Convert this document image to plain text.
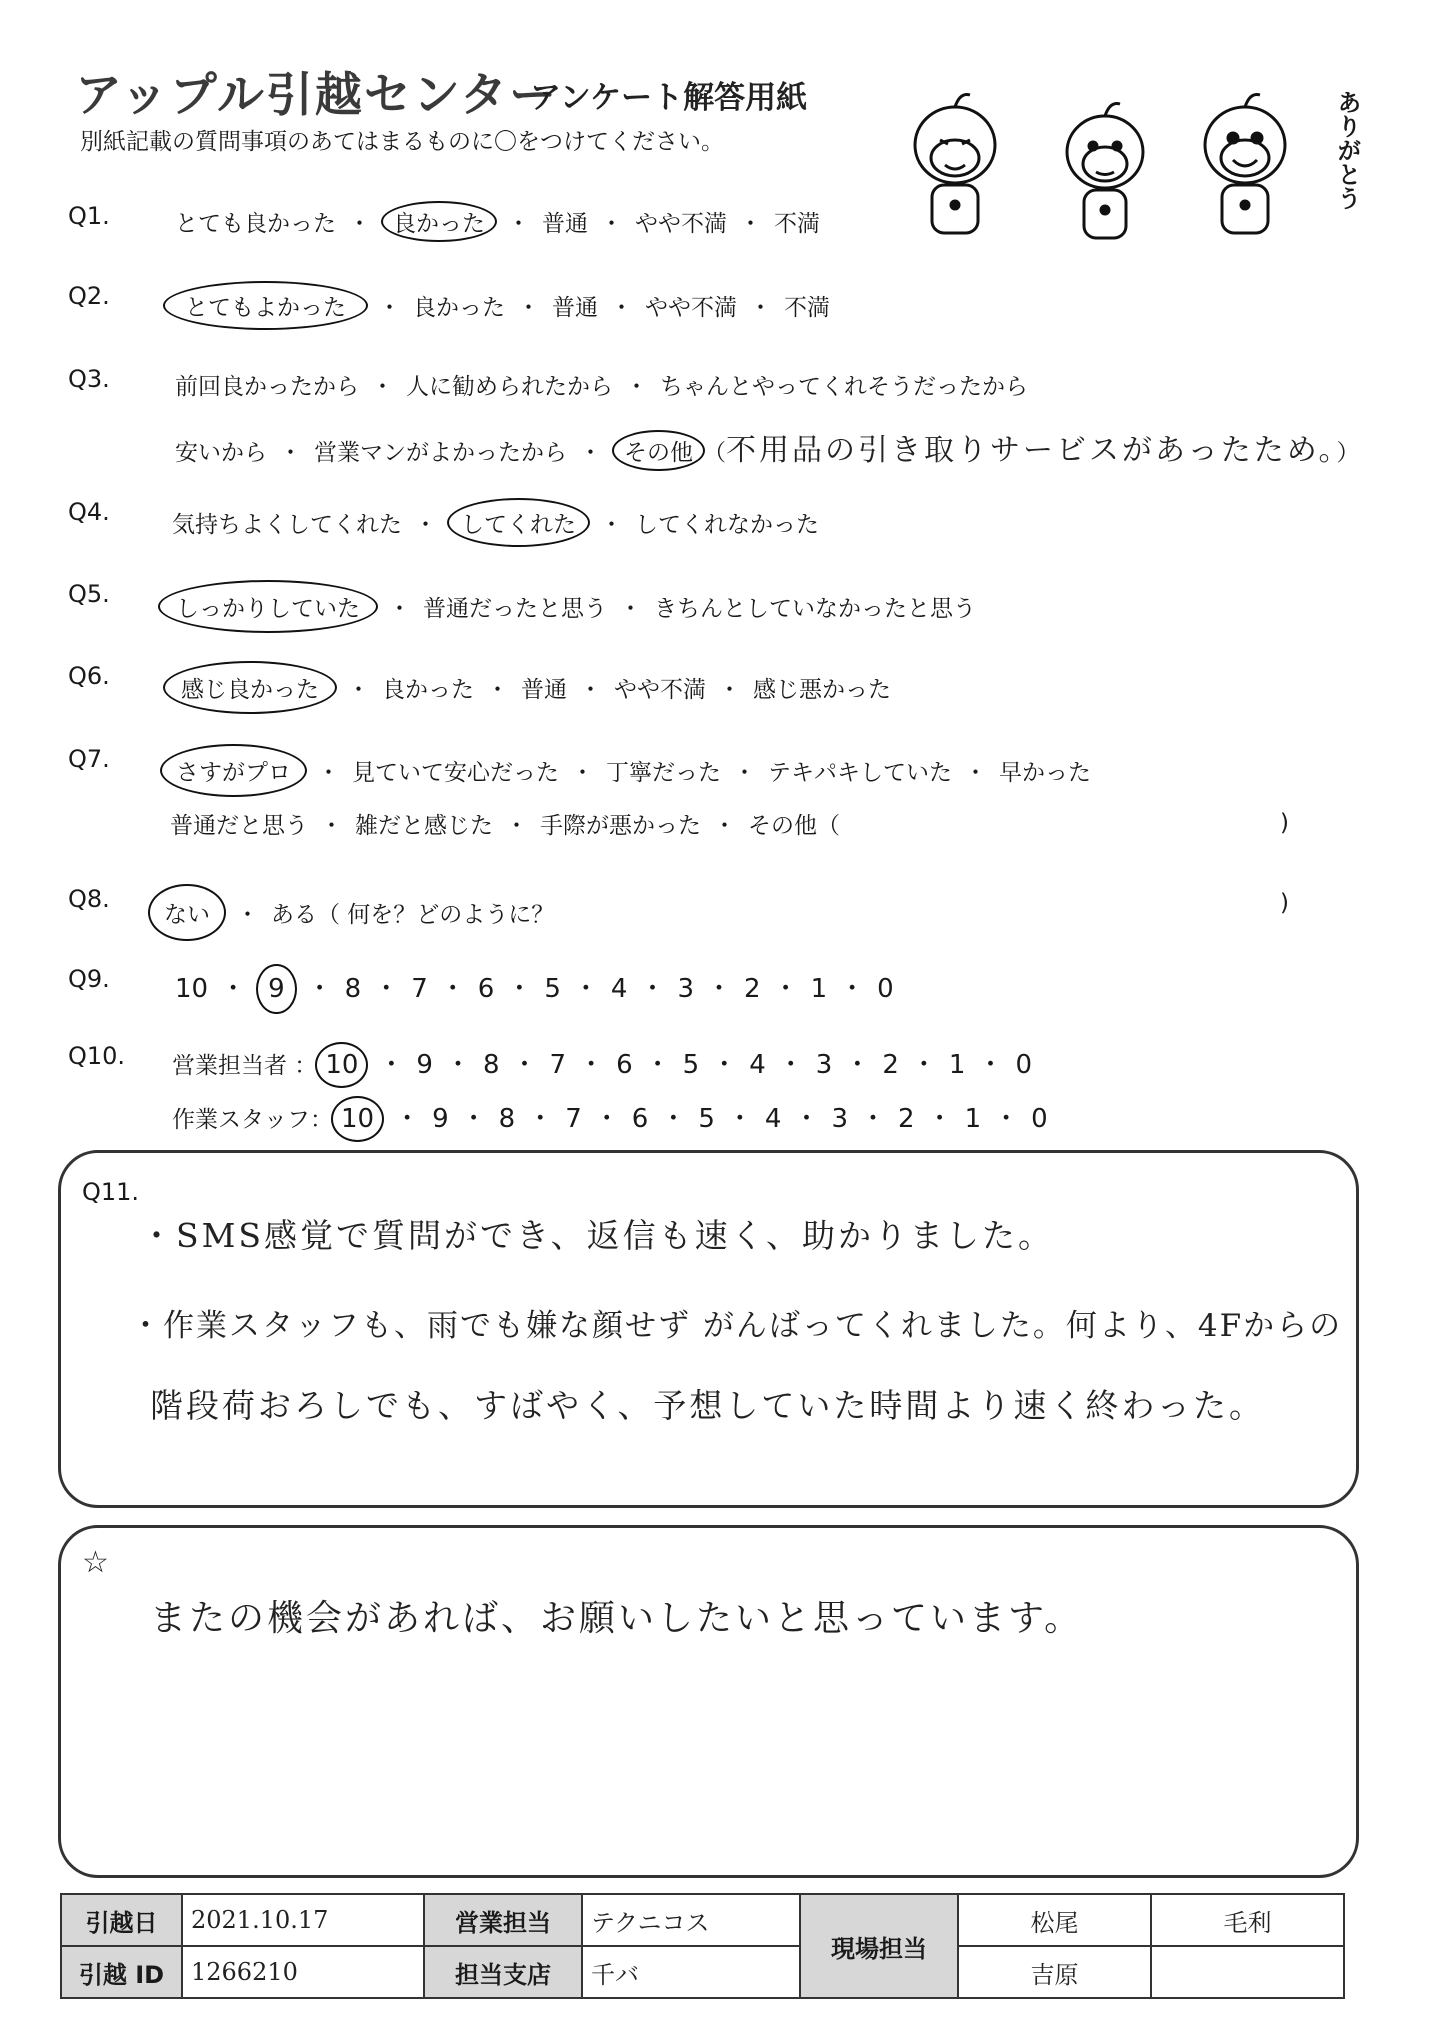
アップル引越センター
アンケート解答用紙
別紙記載の質問事項のあてはまるものに〇をつけてください。	ありがとう
Q1.	とても良かった ・ 良かった ・ 普通 ・ やや不満 ・ 不満
Q2.	とてもよかった ・ 良かった ・ 普通 ・ やや不満 ・ 不満
Q3.	前回良かったから ・ 人に勧められたから ・ ちゃんとやってくれそうだったから
安いから ・ 営業マンがよかったから ・ その他 （不用品の引き取りサービスがあったため。）
Q4.	気持ちよくしてくれた ・ してくれた ・ してくれなかった
Q5.
しっかりしていた ・ 普通だったと思う ・ きちんとしていなかったと思う
Q6.	感じ良かった ・ 良かった ・ 普通 ・ やや不満 ・ 感じ悪かった
Q7.	さすがプロ ・ 見ていて安心だった ・ 丁寧だった ・ テキパキしていた ・ 早かった
普通だと思う ・ 雑だと感じた ・ 手際が悪かった ・ その他（	)
Q8.
ない ・ ある（ 何を？どのように？	)
Q9.	10 ・ 9 ・ 8 ・ 7 ・ 6 ・ 5 ・ 4 ・ 3 ・ 2 ・ 1 ・ 0
Q10. 営業担当者 ： 10 ・ 9 ・ 8 ・ 7 ・ 6 ・ 5 ・ 4 ・ 3 ・ 2 ・ 1 ・ 0
作業スタッフ： 10 ・ 9 ・ 8 ・ 7 ・ 6 ・ 5 ・ 4 ・ 3 ・ 2 ・ 1 ・ 0
Q11.
・SMS感覚で質問ができ、返信も速く、助かりました。
・作業スタッフも、雨でも嫌な顔せず がんばってくれました。何より、4Fからの
階段荷おろしでも、すばやく、予想していた時間より速く終わった。
☆
またの機会があれば、お願いしたいと思っています。
引越日	2021.10.17	営業担当	テクニコス	現場担当	松尾	毛利
引越 ID	1266210	担当支店	千バ		吉原	
